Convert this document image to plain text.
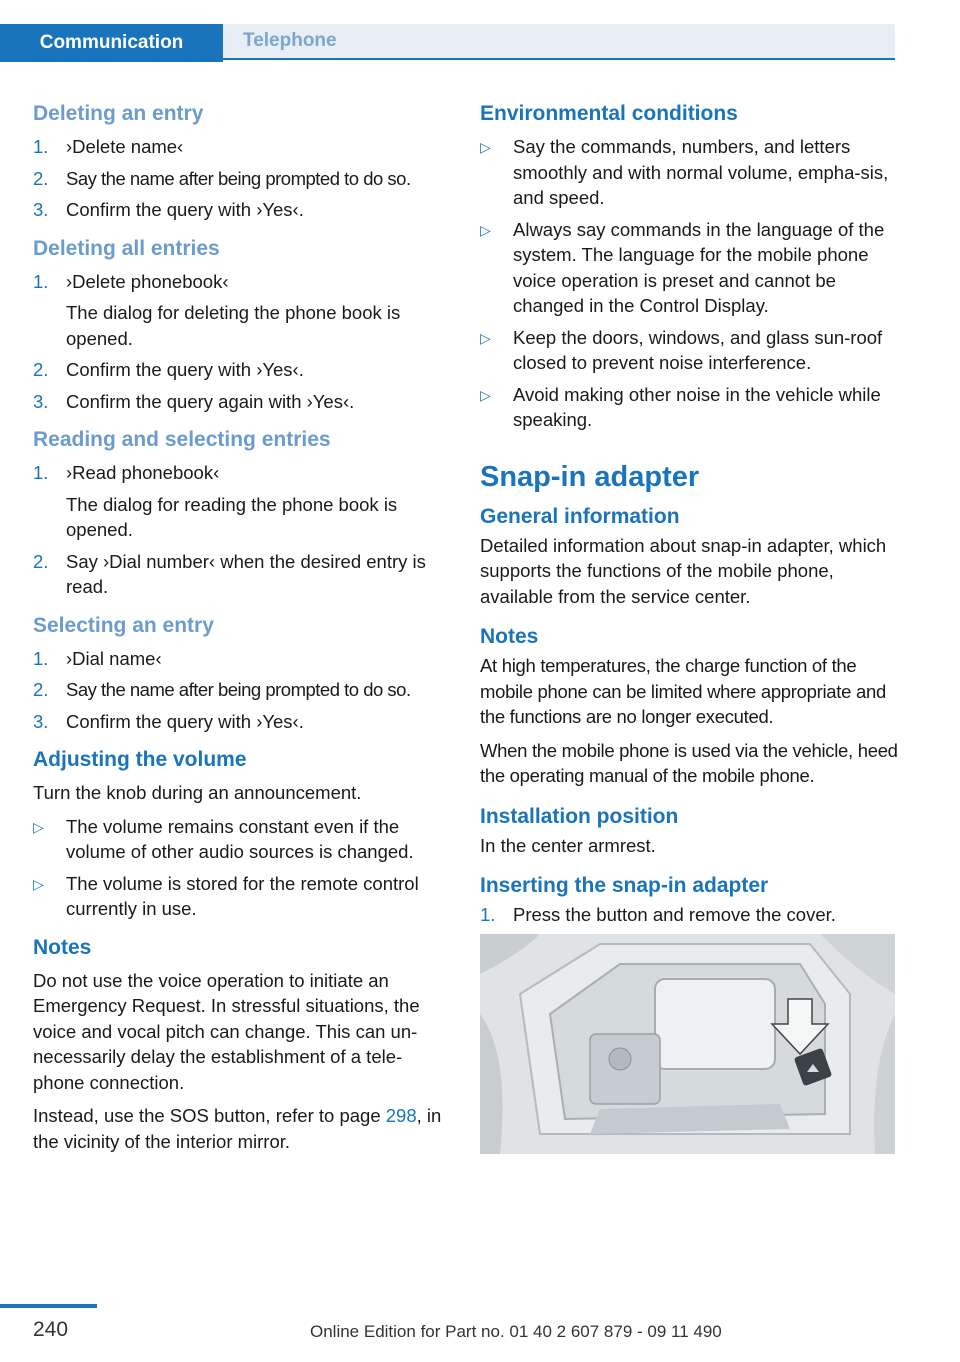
Communication	Telephone
Deleting an entry
1. ›Delete name‹
2. Say the name after being prompted to do so.
3. Confirm the query with ›Yes‹.
Deleting all entries
1. ›Delete phonebook‹
The dialog for deleting the phone book is opened.
2. Confirm the query with ›Yes‹.
3. Confirm the query again with ›Yes‹.
Reading and selecting entries
1. ›Read phonebook‹
The dialog for reading the phone book is opened.
2. Say ›Dial number‹ when the desired entry is read.
Selecting an entry
1. ›Dial name‹
2. Say the name after being prompted to do so.
3. Confirm the query with ›Yes‹.
Adjusting the volume

Turn the knob during an announcement.

▷	The volume remains constant even if the volume of other audio sources is changed.
▷	The volume is stored for the remote control currently in use.
Notes

Do not use the voice operation to initiate an Emergency Request. In stressful situations, the voice and vocal pitch can change. This can un‐necessarily delay the establishment of a tele‐phone connection.

Instead, use the SOS button, refer to page 298, in the vicinity of the interior mirror.

Environmental conditions
▷	Say the commands, numbers, and letters smoothly and with normal volume, empha‐sis, and speed.
▷	Always say commands in the language of the system. The language for the mobile phone voice operation is preset and cannot be changed in the Control Display.
▷	Keep the doors, windows, and glass sun‐roof closed to prevent noise interference.
▷	Avoid making other noise in the vehicle while speaking.
Snap-in adapter
General information

Detailed information about snap-in adapter, which supports the functions of the mobile phone, available from the service center.

Notes

At high temperatures, the charge function of the mobile phone can be limited where appropriate and the functions are no longer executed.

When the mobile phone is used via the vehicle, heed the operating manual of the mobile phone.

Installation position

In the center armrest.

Inserting the snap-in adapter
1. Press the button and remove the cover.
240	Online Edition for Part no. 01 40 2 607 879 - 09 11 490
